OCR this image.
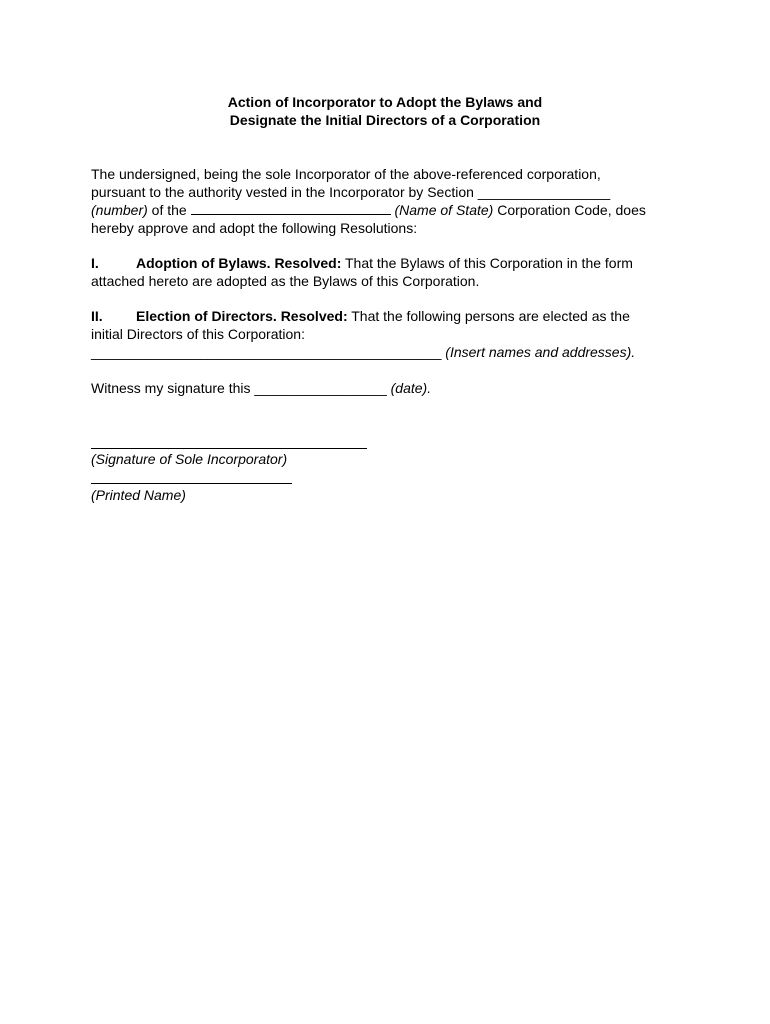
Action of Incorporator to Adopt the Bylaws and
Designate the Initial Directors of a Corporation
The undersigned, being the sole Incorporator of the above-referenced corporation,
pursuant to the authority vested in the Incorporator by Section _________________
(number) of the	(Name of State) Corporation Code, does
hereby approve and adopt the following Resolutions:
I.	Adoption of Bylaws. Resolved: That the Bylaws of this Corporation in the form
attached hereto are adopted as the Bylaws of this Corporation.
II. Election of Directors. Resolved: That the following persons are elected as the
initial Directors of this Corporation:
_____________________________________________ (Insert names and addresses).
Witness my signature this _________________ (date).
(Signature of Sole Incorporator)
(Printed Name)
